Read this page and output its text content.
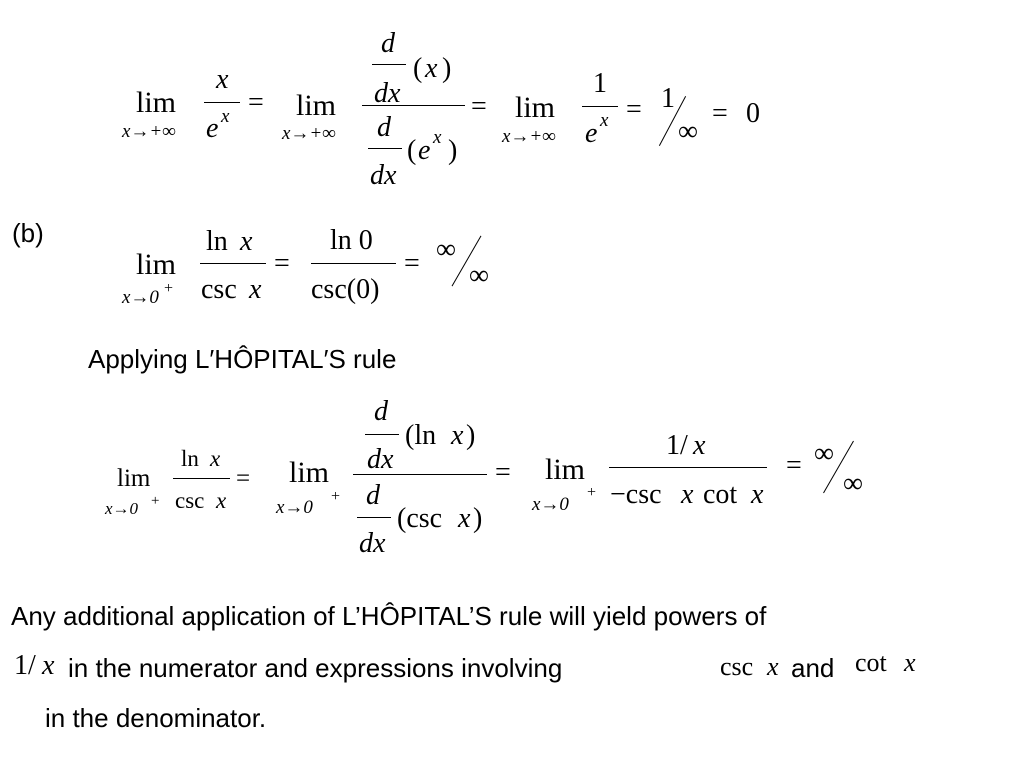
lim
x→+∞
x
e x = lim
x→+∞
d
dx
( x )
d
dx
( e x )
= lim
x→+∞
1
e x = 1
∞
= 0
(b)
lim
x→0 +
ln x
csc x
=
ln 0
csc(0)
= ∞
∞
Applying L′HÔPITAL′S rule
lim
x→0 +
ln x
csc x
= lim
x→0
+
d
dx
(ln x )
d
dx
(csc x )
= lim
x→0
+
1/ x
−csc x cot x
= ∞
∞
Any additional application of L’HÔPITAL’S rule will yield powers of
1/ x in the numerator and expressions involving	csc x and cot x
in the denominator.
